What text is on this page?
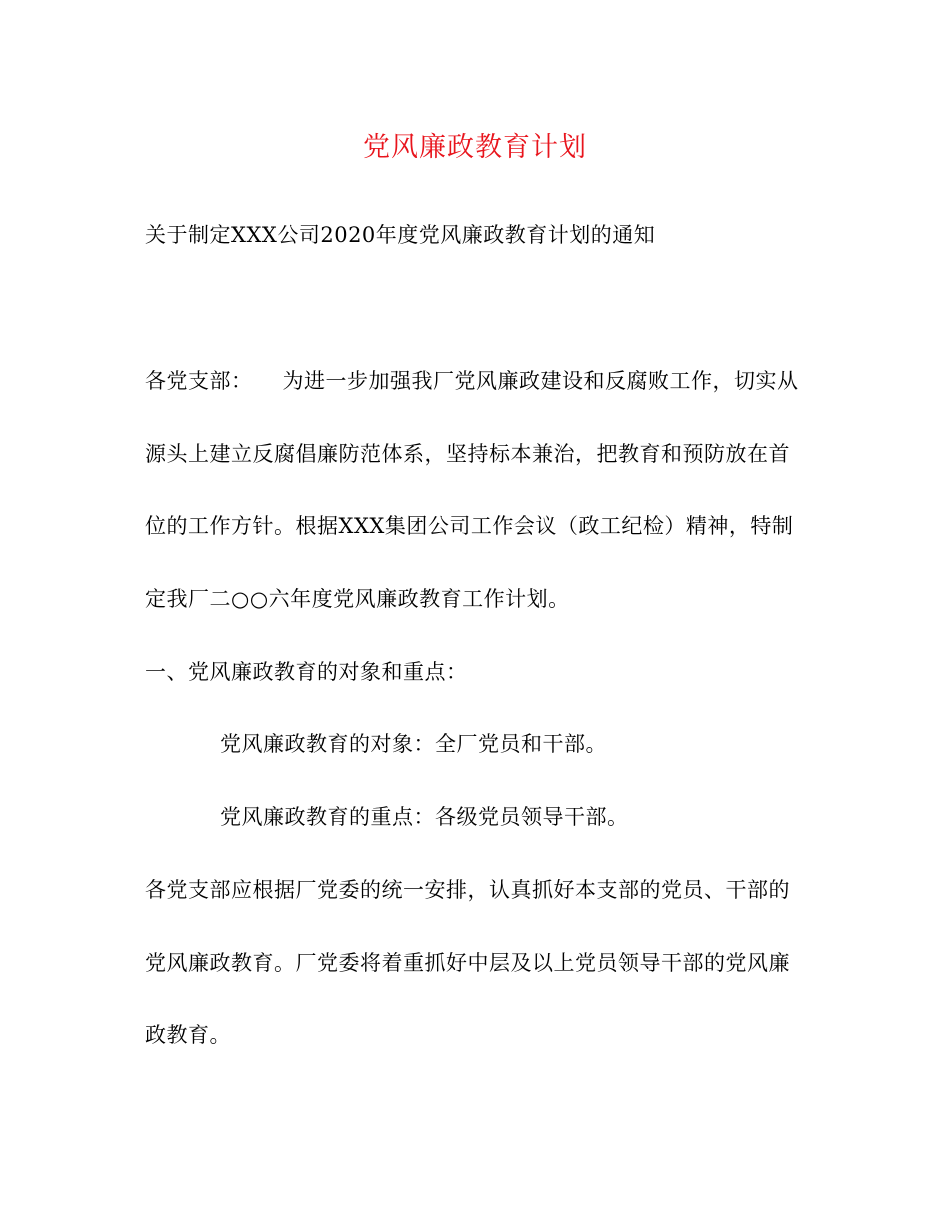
党风廉政教育计划
关于制定XXX公司2020年度党风廉政教育计划的通知
各党支部： 为进一步加强我厂党风廉政建设和反腐败工作，切实从
源头上建立反腐倡廉防范体系，坚持标本兼治，把教育和预防放在首
位的工作方针。根据XXX集团公司工作会议（政工纪检）精神，特制
定我厂二○○六年度党风廉政教育工作计划。
一、党风廉政教育的对象和重点：
党风廉政教育的对象：全厂党员和干部。
党风廉政教育的重点：各级党员领导干部。
各党支部应根据厂党委的统一安排，认真抓好本支部的党员、干部的
党风廉政教育。厂党委将着重抓好中层及以上党员领导干部的党风廉
政教育。
